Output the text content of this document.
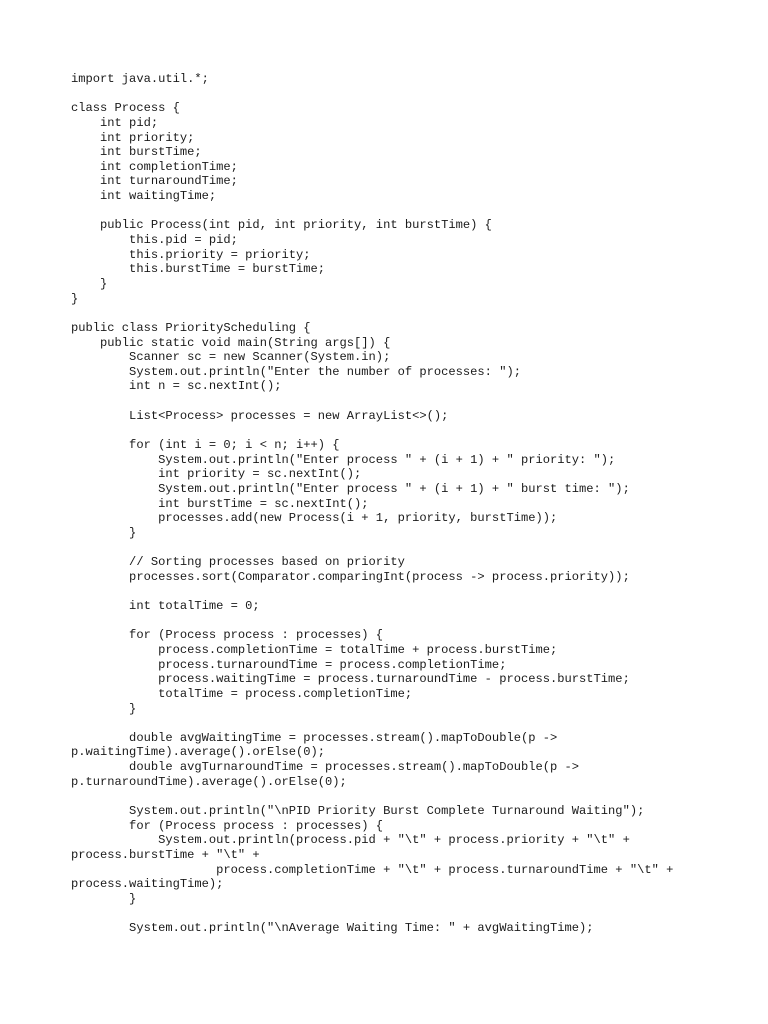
import java.util.*;
class Process {
int pid;
int priority;
int burstTime;
int completionTime;
int turnaroundTime;
int waitingTime;
public Process(int pid, int priority, int burstTime) {
this.pid = pid;
this.priority = priority;
this.burstTime = burstTime;
}
}
public class PriorityScheduling {
public static void main(String args[]) {
Scanner sc = new Scanner(System.in);
System.out.println("Enter the number of processes: ");
int n = sc.nextInt();
List<Process> processes = new ArrayList<>();
for (int i = 0; i < n; i++) {
System.out.println("Enter process " + (i + 1) + " priority: ");
int priority = sc.nextInt();
System.out.println("Enter process " + (i + 1) + " burst time: ");
int burstTime = sc.nextInt();
processes.add(new Process(i + 1, priority, burstTime));
}
// Sorting processes based on priority
processes.sort(Comparator.comparingInt(process -> process.priority));
int totalTime = 0;
for (Process process : processes) {
process.completionTime = totalTime + process.burstTime;
process.turnaroundTime = process.completionTime;
process.waitingTime = process.turnaroundTime - process.burstTime;
totalTime = process.completionTime;
}
double avgWaitingTime = processes.stream().mapToDouble(p ->
p.waitingTime).average().orElse(0);
double avgTurnaroundTime = processes.stream().mapToDouble(p ->
p.turnaroundTime).average().orElse(0);
System.out.println("\nPID Priority Burst Complete Turnaround Waiting");
for (Process process : processes) {
System.out.println(process.pid + "\t" + process.priority + "\t" +
process.burstTime + "\t" +
process.completionTime + "\t" + process.turnaroundTime + "\t" +
process.waitingTime);
}
System.out.println("\nAverage Waiting Time: " + avgWaitingTime);
